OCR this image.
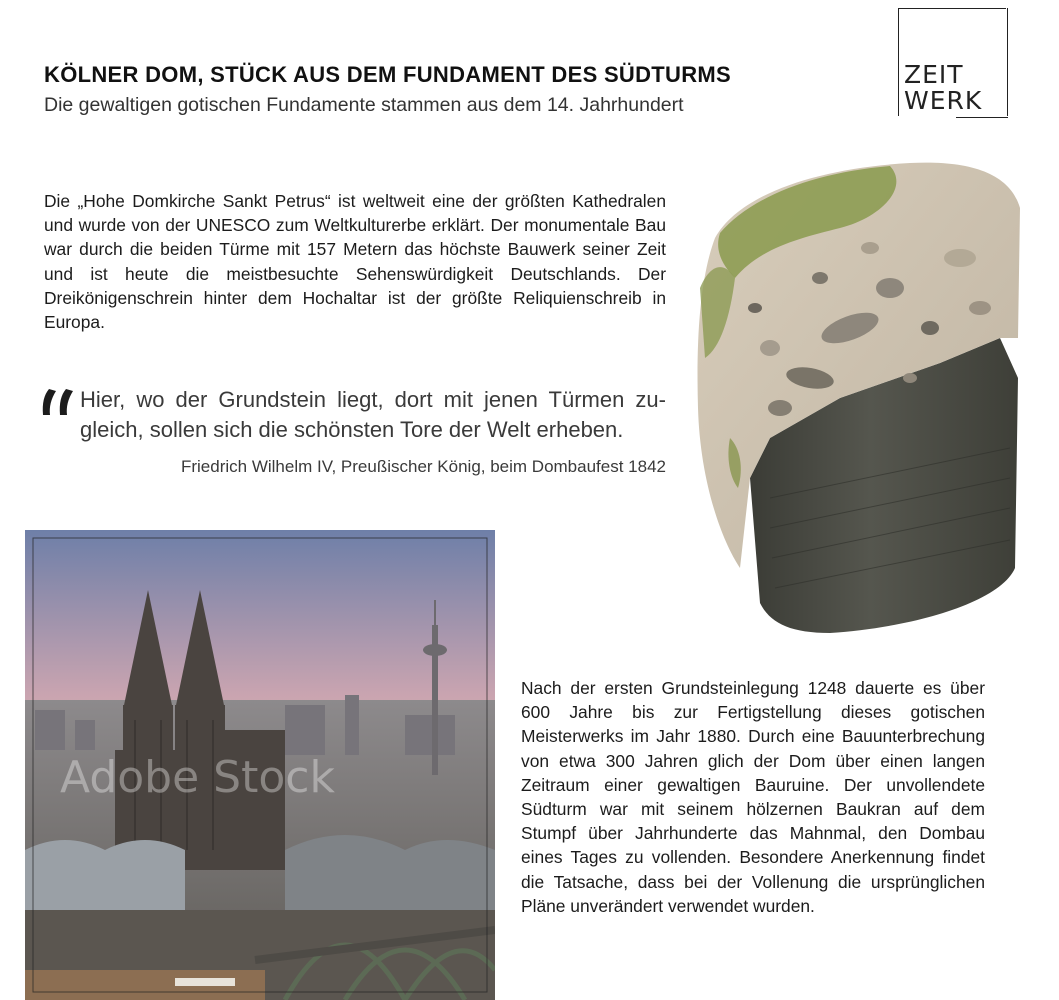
KÖLNER DOM, STÜCK AUS DEM FUNDAMENT DES SÜDTURMS
Die gewaltigen gotischen Fundamente stammen aus dem 14. Jahrhundert
ZEIT
WERK
Die „Hohe Domkirche Sankt Petrus“ ist weltweit eine der größten Kathedralen und wurde von der UNESCO zum Weltkulturerbe erklärt. Der monumentale Bau war durch die beiden Türme mit 157 Metern das höchste Bauwerk seiner Zeit und ist heute die meistbesuchte Sehenswürdigkeit Deutschlands. Der Dreikönigenschrein hinter dem Hochaltar ist der größte Reliquienschreib in Europa.
Hier, wo der Grundstein liegt, dort mit jenen Türmen zugleich, sollen sich die schönsten Tore der Welt erheben.
Friedrich Wilhelm IV, Preußischer König, beim Dombaufest 1842
Adobe Stock
Nach der ersten Grundsteinlegung 1248 dauerte es über 600 Jahre bis zur Fertigstellung dieses gotischen Meisterwerks im Jahr 1880. Durch eine Bauunterbrechung von etwa 300 Jahren glich der Dom über einen langen Zeitraum einer gewaltigen Bauruine. Der unvollendete Südturm war mit seinem hölzernen Baukran auf dem Stumpf über Jahrhunderte das Mahnmal, den Dombau eines Tages zu vollenden. Besondere Anerkennung findet die Tatsache, dass bei der Vollenung die ursprünglichen Pläne unverändert verwendet wurden.
